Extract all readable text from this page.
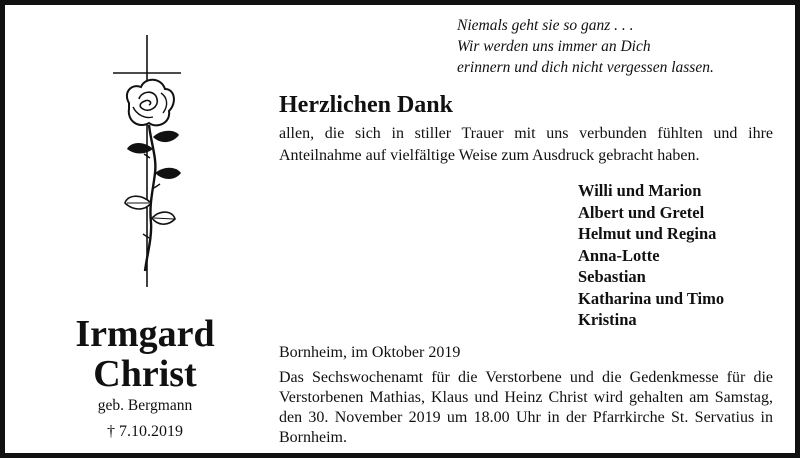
Niemals geht sie so ganz . . .
Wir werden uns immer an Dich
erinnern und dich nicht vergessen lassen.
Herzlichen Dank
allen, die sich in stiller Trauer mit uns verbunden fühlten und ihre Anteilnahme auf vielfältige Weise zum Ausdruck gebracht haben.
Willi und Marion
Albert und Gretel
Helmut und Regina
Anna-Lotte
Sebastian
Katharina und Timo
Kristina
Irmgard
Christ
geb. Bergmann
† 7.10.2019
Bornheim, im Oktober 2019
Das Sechswochenamt für die Verstorbene und die Gedenkmesse für die Verstorbenen Mathias, Klaus und Heinz Christ wird gehalten am Samstag, den 30. November 2019 um 18.00 Uhr in der Pfarrkirche St. Servatius in Bornheim.
